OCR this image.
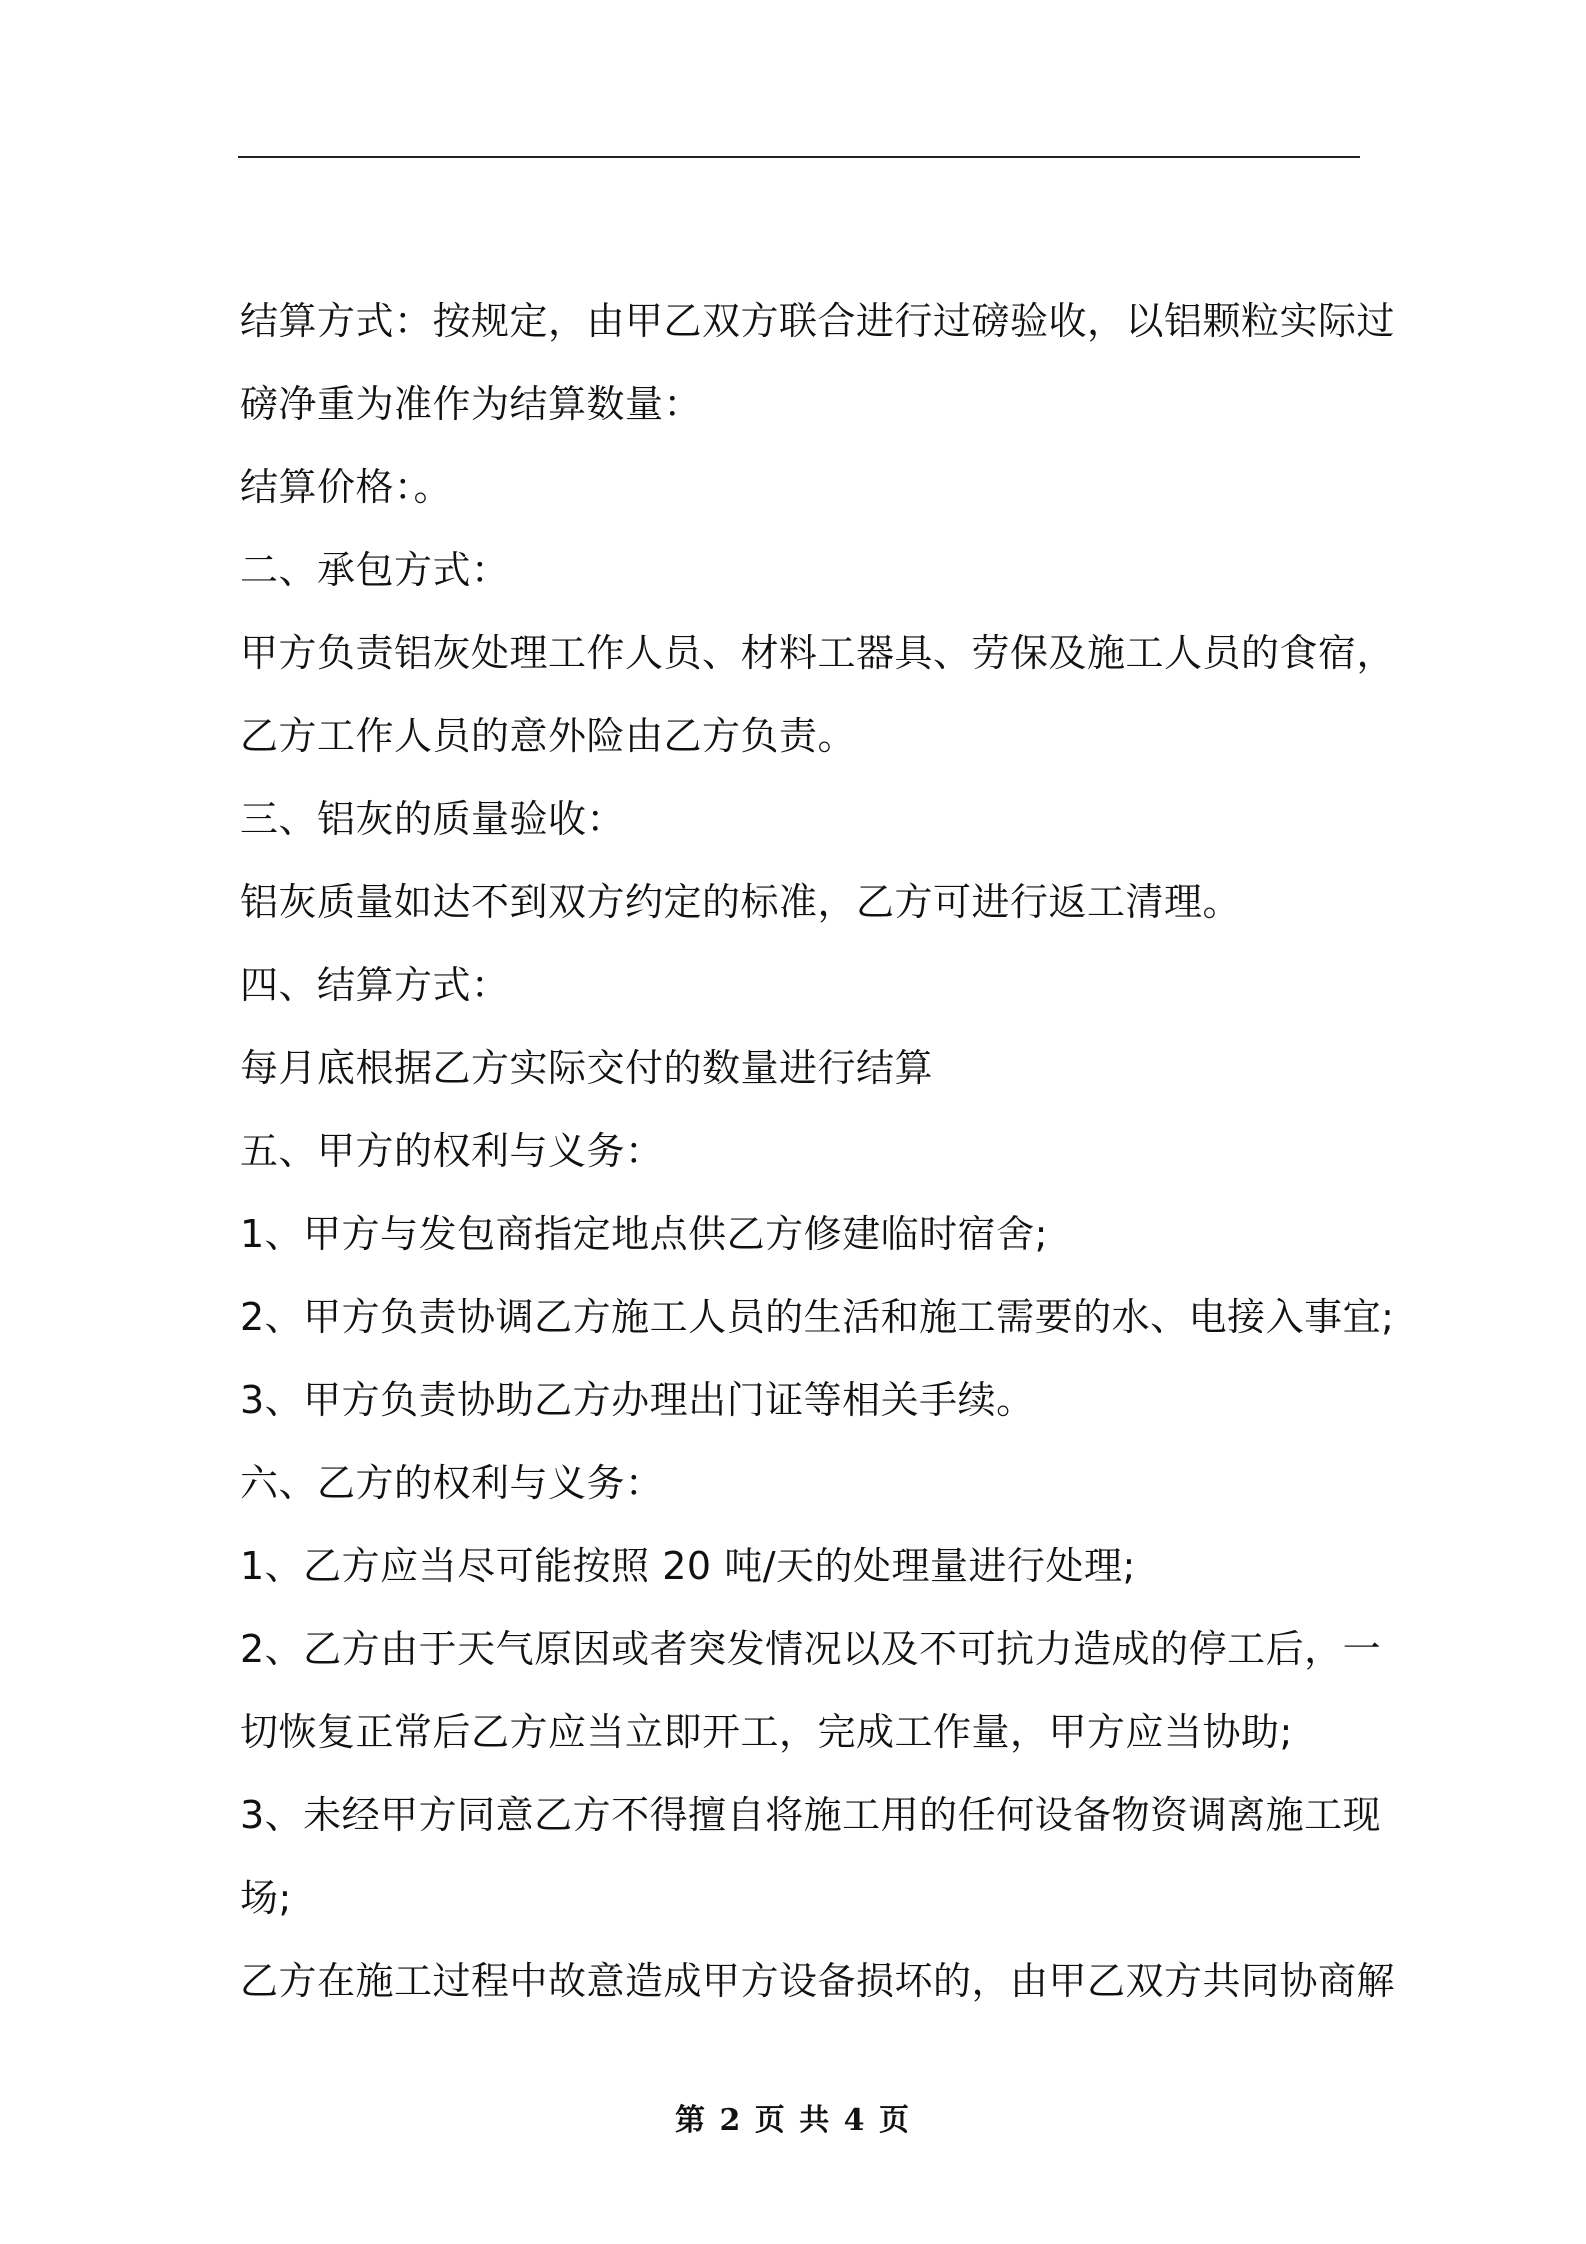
结算方式：按规定，由甲乙双方联合进行过磅验收，以铝颗粒实际过
磅净重为准作为结算数量：
结算价格：。
二、承包方式：
甲方负责铝灰处理工作人员、材料工器具、劳保及施工人员的食宿，
乙方工作人员的意外险由乙方负责。
三、铝灰的质量验收：
铝灰质量如达不到双方约定的标准，乙方可进行返工清理。
四、结算方式：
每月底根据乙方实际交付的数量进行结算
五、甲方的权利与义务：
1、甲方与发包商指定地点供乙方修建临时宿舍;
2、甲方负责协调乙方施工人员的生活和施工需要的水、电接入事宜;
3、甲方负责协助乙方办理出门证等相关手续。
六、乙方的权利与义务：
1、乙方应当尽可能按照 20 吨/天的处理量进行处理;
2、乙方由于天气原因或者突发情况以及不可抗力造成的停工后，一
切恢复正常后乙方应当立即开工，完成工作量，甲方应当协助;
3、未经甲方同意乙方不得擅自将施工用的任何设备物资调离施工现
场;
乙方在施工过程中故意造成甲方设备损坏的，由甲乙双方共同协商解
第 2 页 共 4 页
